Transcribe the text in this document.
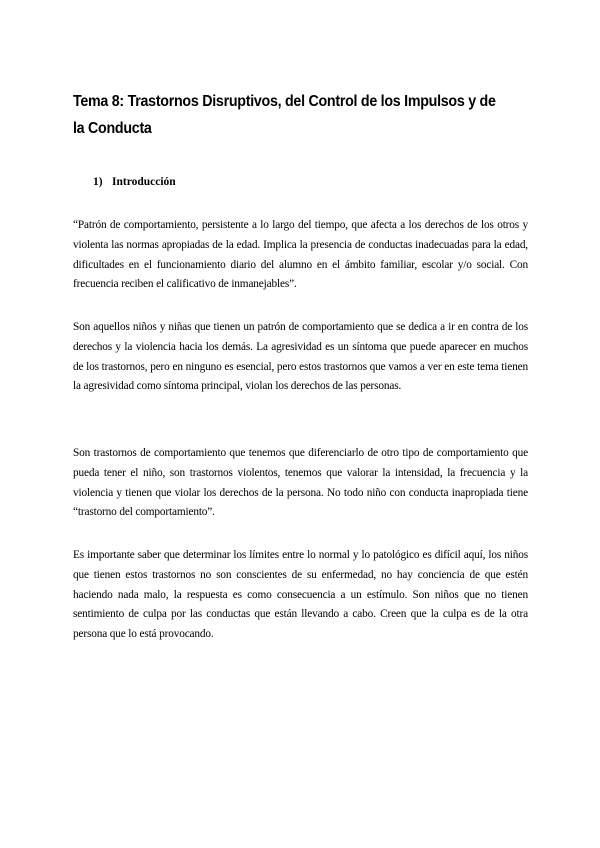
Tema 8: Trastornos Disruptivos, del Control de los Impulsos y de la Conducta
1) Introducción

“Patrón de comportamiento, persistente a lo largo del tiempo, que afecta a los derechos de los otros y violenta las normas apropiadas de la edad. Implica la presencia de conductas inadecuadas para la edad, dificultades en el funcionamiento diario del alumno en el ámbito familiar, escolar y/o social. Con frecuencia reciben el calificativo de inmanejables”.

Son aquellos niños y niñas que tienen un patrón de comportamiento que se dedica a ir en contra de los derechos y la violencia hacia los demás. La agresividad es un síntoma que puede aparecer en muchos de los trastornos, pero en ninguno es esencial, pero estos trastornos que vamos a ver en este tema tienen la agresividad como síntoma principal, violan los derechos de las personas.

Son trastornos de comportamiento que tenemos que diferenciarlo de otro tipo de comportamiento que pueda tener el niño, son trastornos violentos, tenemos que valorar la intensidad, la frecuencia y la violencia y tienen que violar los derechos de la persona. No todo niño con conducta inapropiada tiene “trastorno del comportamiento”.

Es importante saber que determinar los límites entre lo normal y lo patológico es difícil aquí, los niños que tienen estos trastornos no son conscientes de su enfermedad, no hay conciencia de que estén haciendo nada malo, la respuesta es como consecuencia a un estímulo. Son niños que no tienen sentimiento de culpa por las conductas que están llevando a cabo. Creen que la culpa es de la otra persona que lo está provocando.
